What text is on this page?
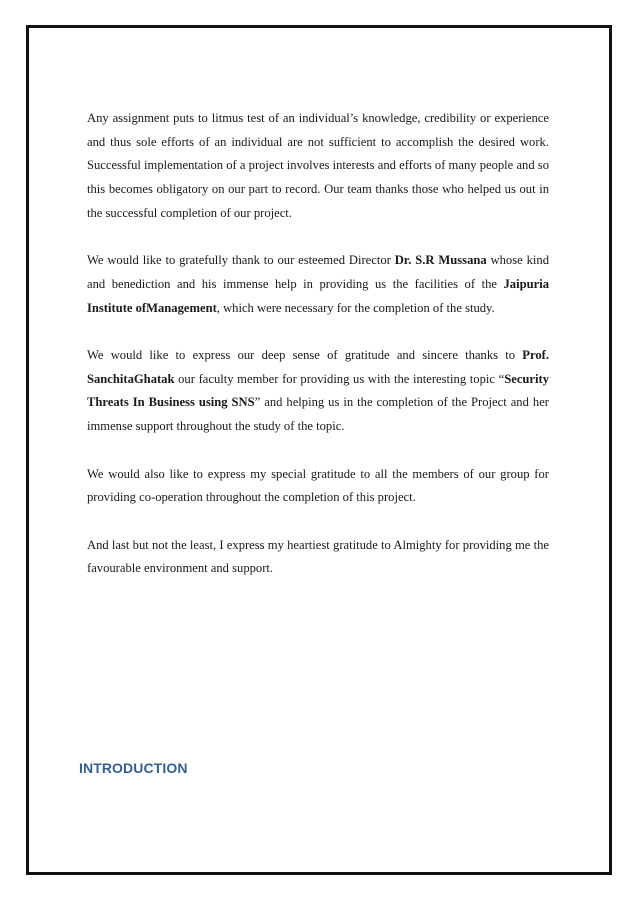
Any assignment puts to litmus test of an individual’s knowledge, credibility or experience and thus sole efforts of an individual are not sufficient to accomplish the desired work. Successful implementation of a project involves interests and efforts of many people and so this becomes obligatory on our part to record. Our team thanks those who helped us out in the successful completion of our project.

We would like to gratefully thank to our esteemed Director Dr. S.R Mussana whose kind and benediction and his immense help in providing us the facilities of the Jaipuria Institute ofManagement, which were necessary for the completion of the study.

We would like to express our deep sense of gratitude and sincere thanks to Prof. SanchitaGhatak our faculty member for providing us with the interesting topic “Security Threats In Business using SNS” and helping us in the completion of the Project and her immense support throughout the study of the topic.

We would also like to express my special gratitude to all the members of our group for providing co-operation throughout the completion of this project.

And last but not the least, I express my heartiest gratitude to Almighty for providing me the favourable environment and support.

INTRODUCTION
